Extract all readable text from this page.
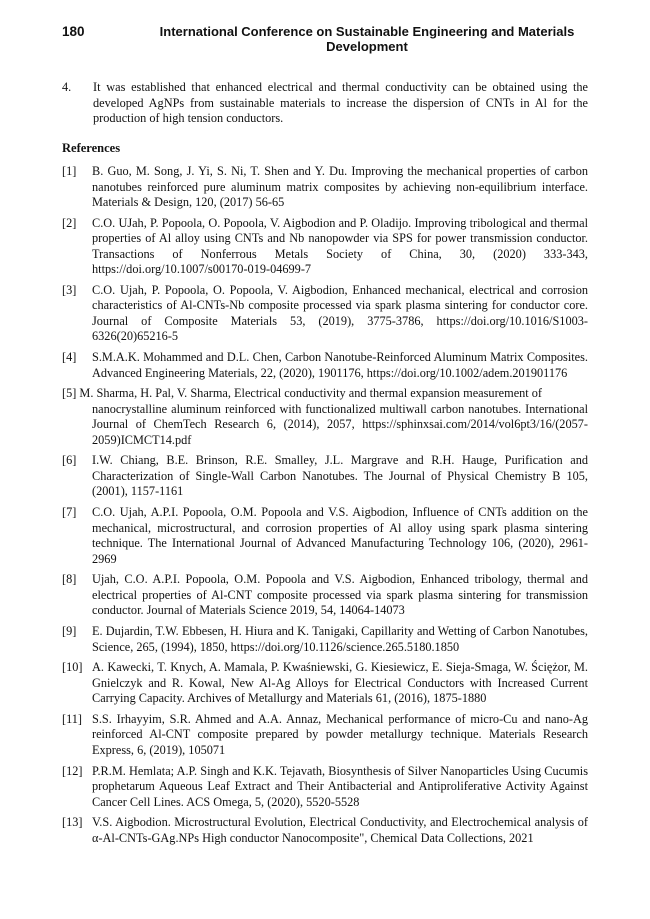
180	International Conference on Sustainable Engineering and Materials
Development
4. It was established that enhanced electrical and thermal conductivity can be obtained using the developed AgNPs from sustainable materials to increase the dispersion of CNTs in Al for the production of high tension conductors.
References
[1] B. Guo, M. Song, J. Yi, S. Ni, T. Shen and Y. Du. Improving the mechanical properties of carbon nanotubes reinforced pure aluminum matrix composites by achieving non-equilibrium interface. Materials & Design, 120, (2017) 56-65
[2] C.O. UJah, P. Popoola, O. Popoola, V. Aigbodion and P. Oladijo. Improving tribological and thermal properties of Al alloy using CNTs and Nb nanopowder via SPS for power transmission conductor. Transactions of Nonferrous Metals Society of China, 30, (2020) 333-343, https://doi.org/10.1007/s00170-019-04699-7
[3] C.O. Ujah, P. Popoola, O. Popoola, V. Aigbodion, Enhanced mechanical, electrical and corrosion characteristics of Al-CNTs-Nb composite processed via spark plasma sintering for conductor core. Journal of Composite Materials 53, (2019), 3775-3786, https://doi.org/10.1016/S1003-6326(20)65216-5
[4] S.M.A.K. Mohammed and D.L. Chen, Carbon Nanotube-Reinforced Aluminum Matrix Composites. Advanced Engineering Materials, 22, (2020), 1901176, https://doi.org/10.1002/adem.201901176
[5] M. Sharma, H. Pal, V. Sharma, Electrical conductivity and thermal expansion measurement of
nanocrystalline aluminum reinforced with functionalized multiwall carbon nanotubes. International Journal of ChemTech Research 6, (2014), 2057, https://sphinxsai.com/2014/vol6pt3/16/(2057-2059)ICMCT14.pdf
[6] I.W. Chiang, B.E. Brinson, R.E. Smalley, J.L. Margrave and R.H. Hauge, Purification and Characterization of Single-Wall Carbon Nanotubes. The Journal of Physical Chemistry B 105, (2001), 1157-1161
[7] C.O. Ujah, A.P.I. Popoola, O.M. Popoola and V.S. Aigbodion, Influence of CNTs addition on the mechanical, microstructural, and corrosion properties of Al alloy using spark plasma sintering technique. The International Journal of Advanced Manufacturing Technology 106, (2020), 2961-2969
[8] Ujah, C.O. A.P.I. Popoola, O.M. Popoola and V.S. Aigbodion, Enhanced tribology, thermal and electrical properties of Al-CNT composite processed via spark plasma sintering for transmission conductor. Journal of Materials Science 2019, 54, 14064-14073
[9] E. Dujardin, T.W. Ebbesen, H. Hiura and K. Tanigaki, Capillarity and Wetting of Carbon Nanotubes, Science, 265, (1994), 1850, https://doi.org/10.1126/science.265.5180.1850
[10] A. Kawecki, T. Knych, A. Mamala, P. Kwaśniewski, G. Kiesiewicz, E. Sieja-Smaga, W. Ściężor, M. Gnielczyk and R. Kowal, New Al-Ag Alloys for Electrical Conductors with Increased Current Carrying Capacity. Archives of Metallurgy and Materials 61, (2016), 1875-1880
[11] S.S. Irhayyim, S.R. Ahmed and A.A. Annaz, Mechanical performance of micro-Cu and nano-Ag reinforced Al-CNT composite prepared by powder metallurgy technique. Materials Research Express, 6, (2019), 105071
[12] P.R.M. Hemlata; A.P. Singh and K.K. Tejavath, Biosynthesis of Silver Nanoparticles Using Cucumis prophetarum Aqueous Leaf Extract and Their Antibacterial and Antiproliferative Activity Against Cancer Cell Lines. ACS Omega, 5, (2020), 5520-5528
[13] V.S. Aigbodion. Microstructural Evolution, Electrical Conductivity, and Electrochemical analysis of α-Al-CNTs-GAg.NPs High conductor Nanocomposite", Chemical Data Collections, 2021
